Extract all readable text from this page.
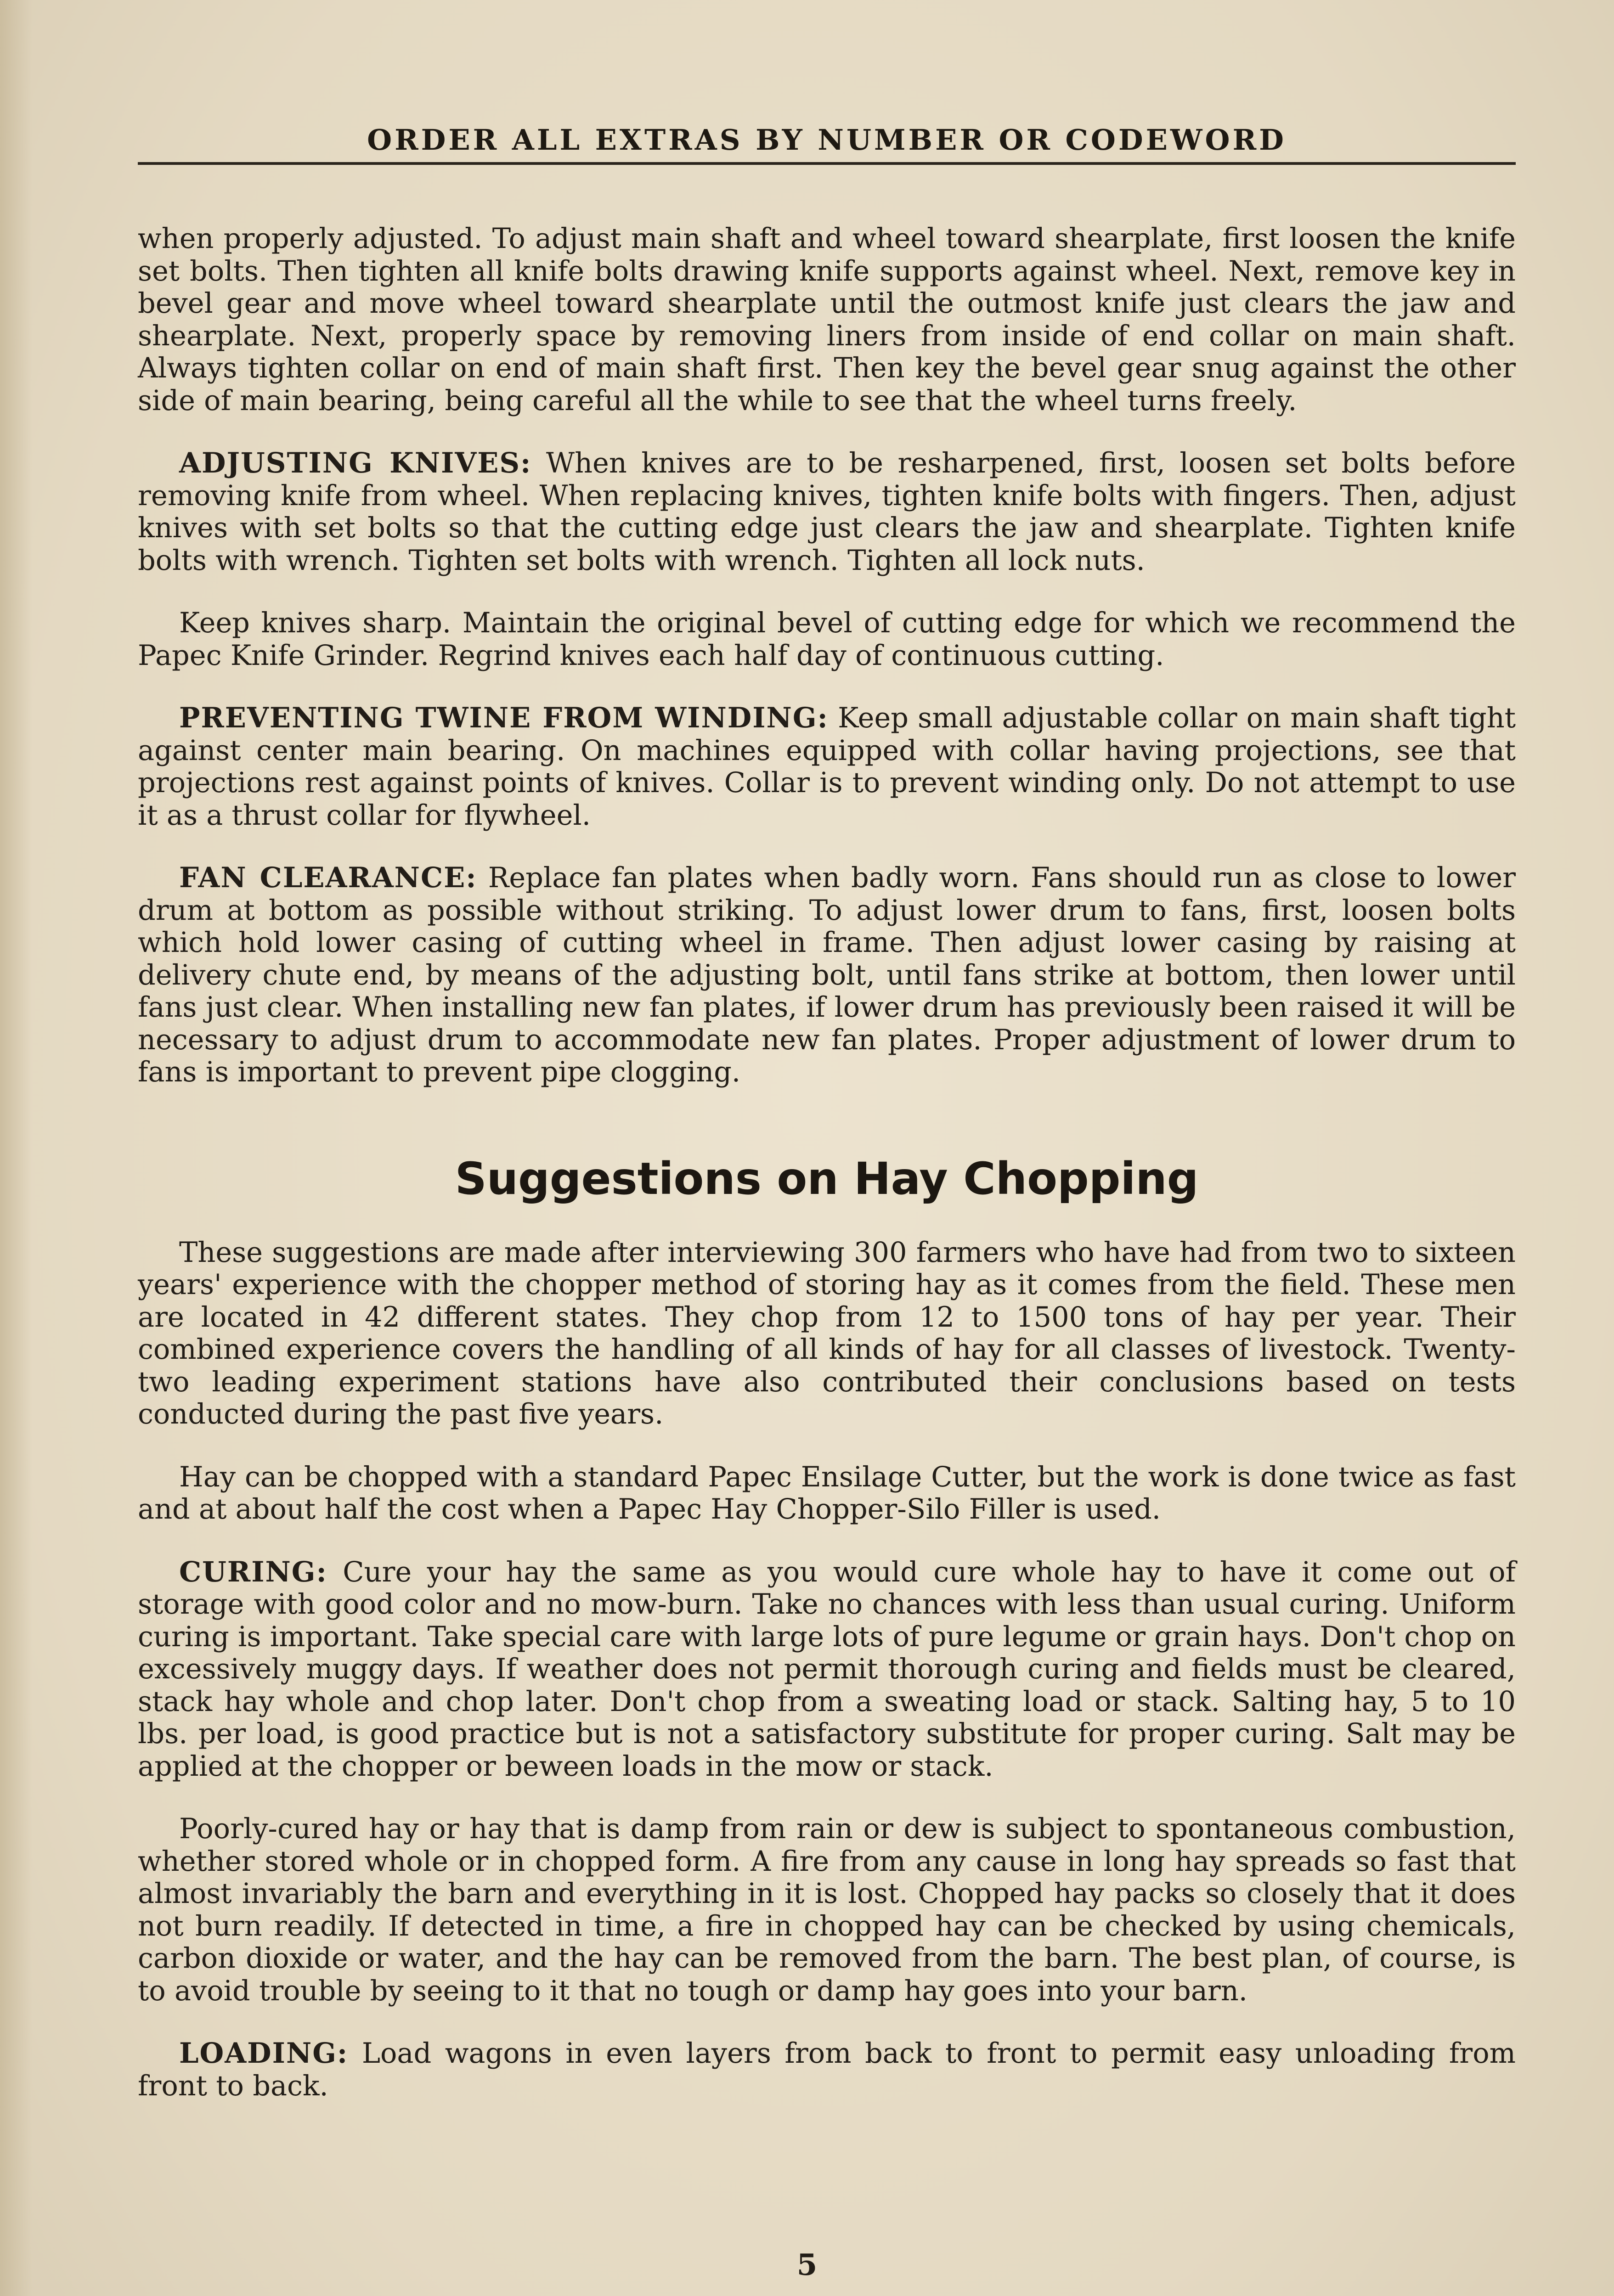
ORDER ALL EXTRAS BY NUMBER OR CODEWORD

when properly adjusted. To adjust main shaft and wheel toward shearplate, first loosen the knife set bolts. Then tighten all knife bolts drawing knife supports against wheel. Next, remove key in bevel gear and move wheel toward shearplate until the outmost knife just clears the jaw and shearplate. Next, properly space by removing liners from inside of end collar on main shaft. Always tighten collar on end of main shaft first. Then key the bevel gear snug against the other side of main bearing, being careful all the while to see that the wheel turns freely.

ADJUSTING KNIVES: When knives are to be resharpened, first, loosen set bolts before removing knife from wheel. When replacing knives, tighten knife bolts with fingers. Then, adjust knives with set bolts so that the cutting edge just clears the jaw and shearplate. Tighten knife bolts with wrench. Tighten set bolts with wrench. Tighten all lock nuts.

Keep knives sharp. Maintain the original bevel of cutting edge for which we recommend the Papec Knife Grinder. Regrind knives each half day of continuous cutting.

PREVENTING TWINE FROM WINDING: Keep small adjustable collar on main shaft tight against center main bearing. On machines equipped with collar having projections, see that projections rest against points of knives. Collar is to prevent winding only. Do not attempt to use it as a thrust collar for flywheel.

FAN CLEARANCE: Replace fan plates when badly worn. Fans should run as close to lower drum at bottom as possible without striking. To adjust lower drum to fans, first, loosen bolts which hold lower casing of cutting wheel in frame. Then adjust lower casing by raising at delivery chute end, by means of the adjusting bolt, until fans strike at bottom, then lower until fans just clear. When installing new fan plates, if lower drum has previously been raised it will be necessary to adjust drum to accommodate new fan plates. Proper adjustment of lower drum to fans is important to prevent pipe clogging.

Suggestions on Hay Chopping

These suggestions are made after interviewing 300 farmers who have had from two to sixteen years' experience with the chopper method of storing hay as it comes from the field. These men are located in 42 different states. They chop from 12 to 1500 tons of hay per year. Their combined experience covers the handling of all kinds of hay for all classes of livestock. Twenty-two leading experiment stations have also contributed their conclusions based on tests conducted during the past five years.

Hay can be chopped with a standard Papec Ensilage Cutter, but the work is done twice as fast and at about half the cost when a Papec Hay Chopper-Silo Filler is used.

CURING: Cure your hay the same as you would cure whole hay to have it come out of storage with good color and no mow-burn. Take no chances with less than usual curing. Uniform curing is important. Take special care with large lots of pure legume or grain hays. Don't chop on excessively muggy days. If weather does not permit thorough curing and fields must be cleared, stack hay whole and chop later. Don't chop from a sweating load or stack. Salting hay, 5 to 10 lbs. per load, is good practice but is not a satisfactory substitute for proper curing. Salt may be applied at the chopper or beween loads in the mow or stack.

Poorly-cured hay or hay that is damp from rain or dew is subject to spontaneous combustion, whether stored whole or in chopped form. A fire from any cause in long hay spreads so fast that almost invariably the barn and everything in it is lost. Chopped hay packs so closely that it does not burn readily. If detected in time, a fire in chopped hay can be checked by using chemicals, carbon dioxide or water, and the hay can be removed from the barn. The best plan, of course, is to avoid trouble by seeing to it that no tough or damp hay goes into your barn.

LOADING: Load wagons in even layers from back to front to permit easy unloading from front to back.

5
